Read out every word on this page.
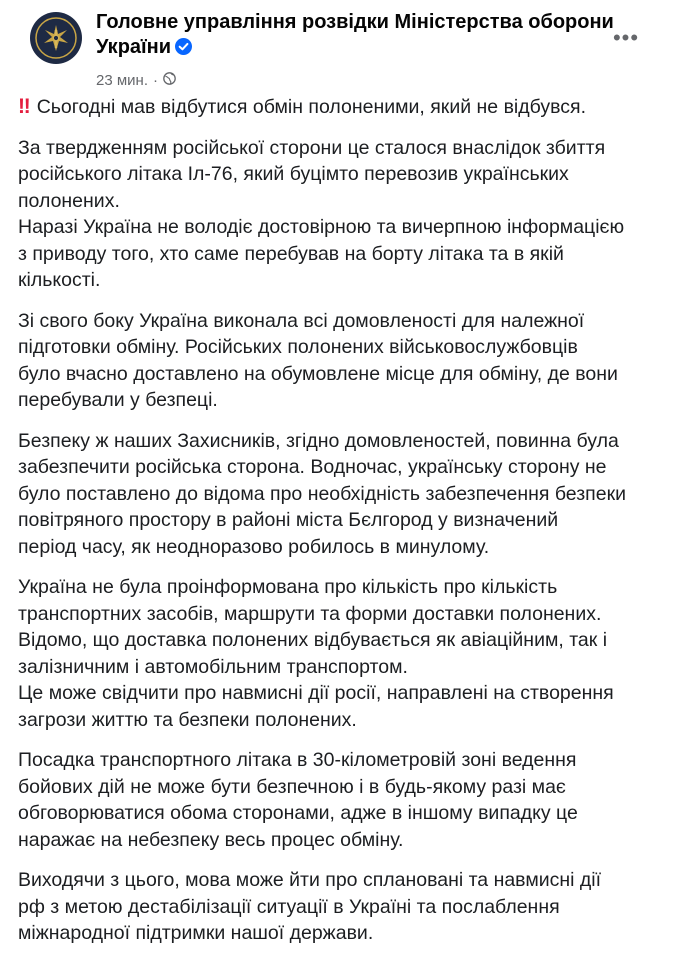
Головне управління розвідки Міністерства оборони
України
23 мин. ·
•••

‼ Сьогодні мав відбутися обмін полоненими, який не відбувся.

За твердженням російської сторони це сталося внаслідок збиття
російського літака Іл-76, який буцімто перевозив українських
полонених.
Наразі Україна не володіє достовірною та вичерпною інформацією
з приводу того, хто саме перебував на борту літака та в якій
кількості.

Зі свого боку Україна виконала всі домовленості для належної
підготовки обміну. Російських полонених військовослужбовців
було вчасно доставлено на обумовлене місце для обміну, де вони
перебували у безпеці.

Безпеку ж наших Захисників, згідно домовленостей, повинна була
забезпечити російська сторона. Водночас, українську сторону не
було поставлено до відома про необхідність забезпечення безпеки
повітряного простору в районі міста Бєлгород у визначений
період часу, як неодноразово робилось в минулому.

Україна не була проінформована про кількість про кількість
транспортних засобів, маршрути та форми доставки полонених.
Відомо, що доставка полонених відбувається як авіаційним, так і
залізничним і автомобільним транспортом.
Це може свідчити про навмисні дії росії, направлені на створення
загрози життю та безпеки полонених.

Посадка транспортного літака в 30-кілометровій зоні ведення
бойових дій не може бути безпечною і в будь-якому разі має
обговорюватися обома сторонами, адже в іншому випадку це
наражає на небезпеку весь процес обміну.

Виходячи з цього, мова може йти про сплановані та навмисні дії
рф з метою дестабілізації ситуації в Україні та послаблення
міжнародної підтримки нашої держави.
